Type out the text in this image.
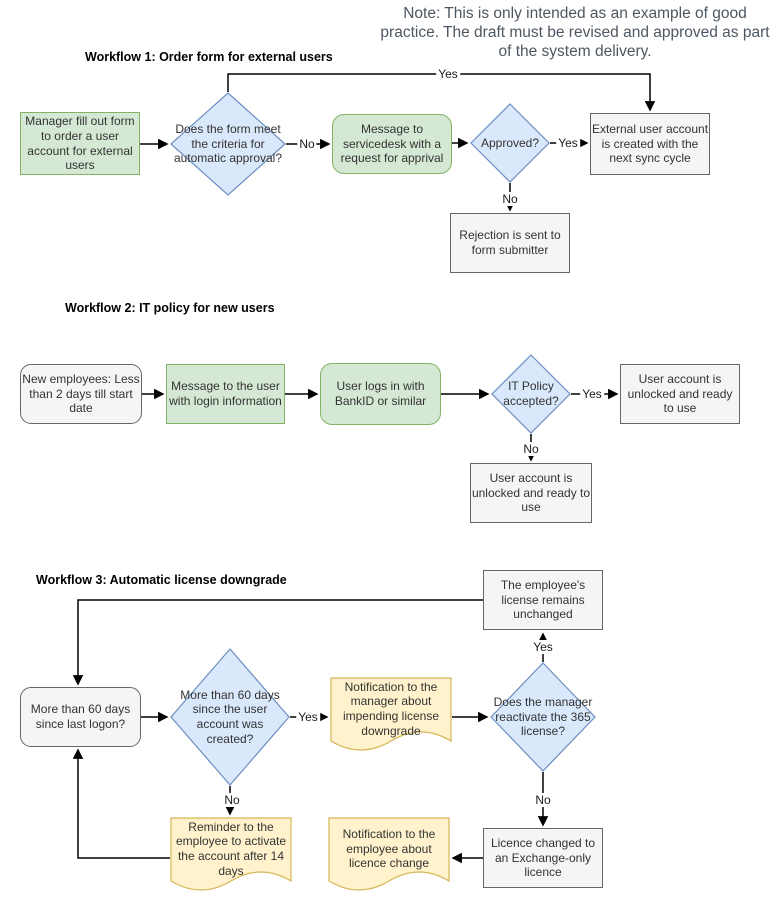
Note: This is only intended as an example of good practice. The draft must be revised and approved as part of the system delivery.
Workflow 1: Order form for external users
Workflow 2: IT policy for new users
Workflow 3: Automatic license downgrade
Manager fill out form to order a user account for external users
Does the form meet the criteria for automatic approval?
Message to servicedesk with a request for apprival
Approved?
External user account is created with the next sync cycle
Rejection is sent to form submitter
New employees: Less than 2 days till start date
Message to the user with login information
User logs in with BankID or similar
IT Policy accepted?
User account is unlocked and ready to use
User account is unlocked and ready to use
The employee's license remains unchanged
More than 60 days since last logon?
More than 60 days since the user account was created?
Notification to the manager about impending license downgrade
Does the manager reactivate the 365 license?
Reminder to the employee to activate the account after 14 days
Notification to the employee about licence change
Licence changed to an Exchange-only licence
Yes
No	Yes
No
Yes
No
Yes
Yes
No	No
